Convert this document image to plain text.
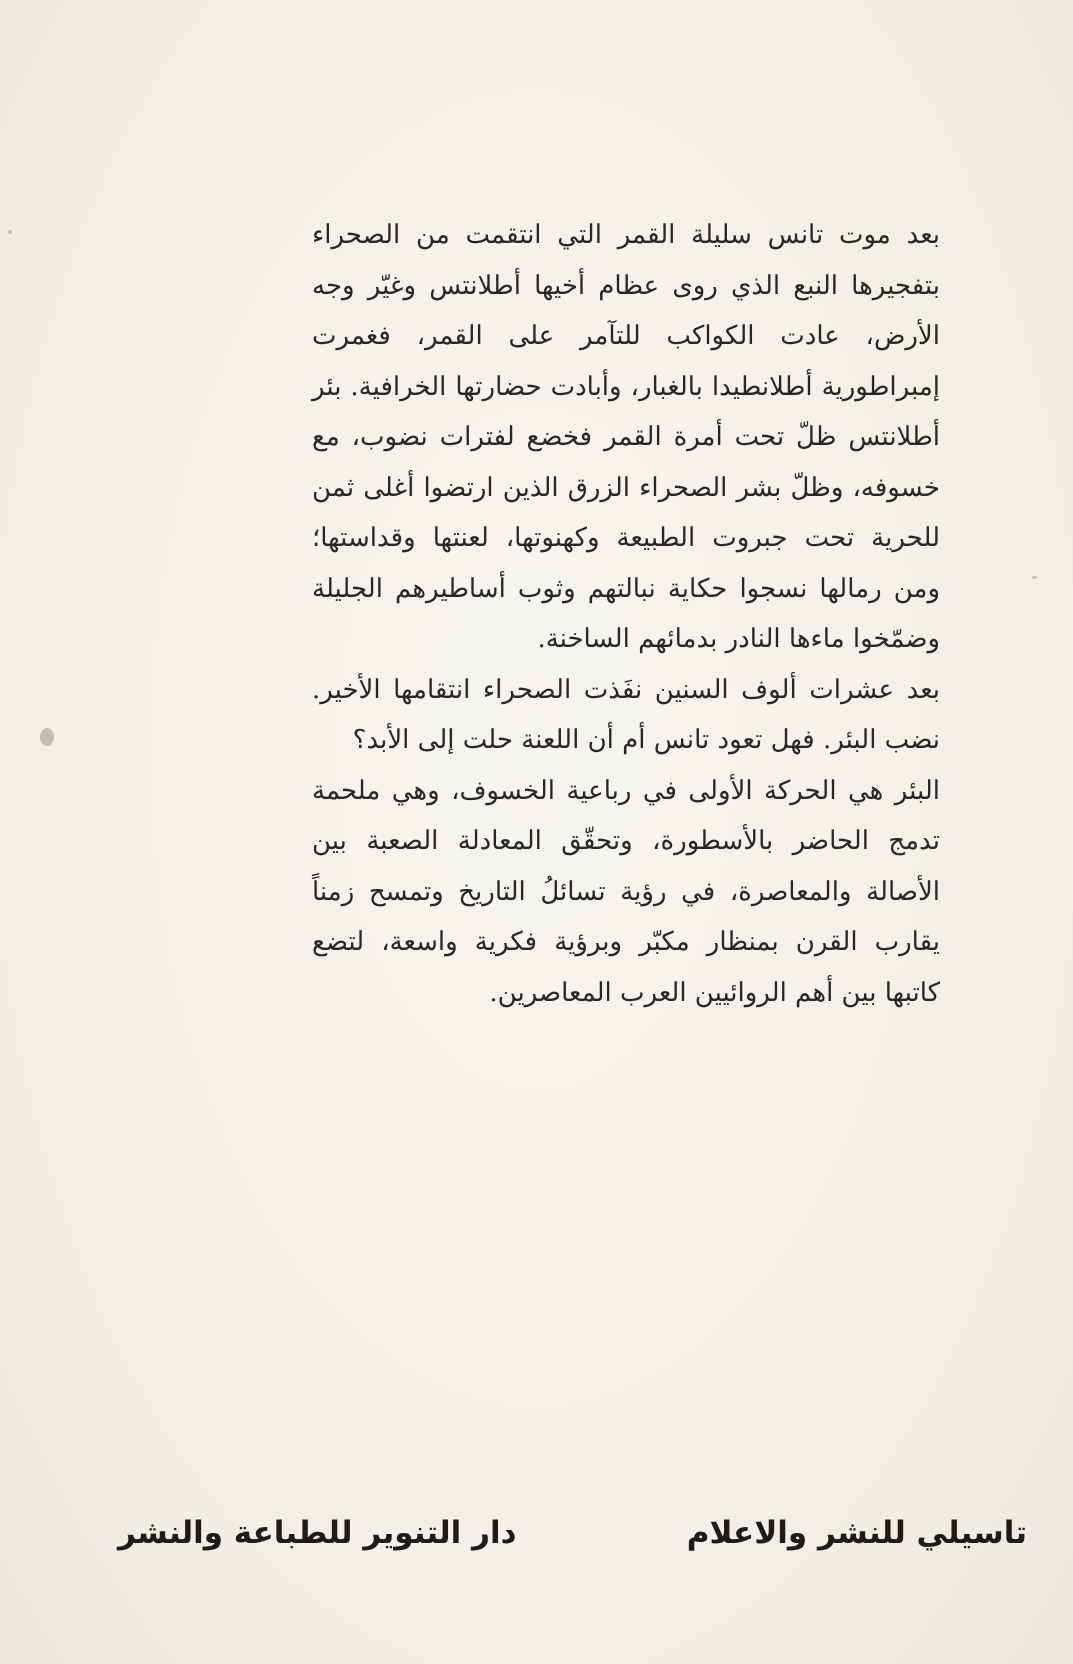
بعد موت تانس سليلة القمر التي انتقمت من الصحراء بتفجيرها النبع الذي روى عظام أخيها أطلانتس وغيّر وجه الأرض، عادت الكواكب للتآمر على القمر، فغمرت إمبراطورية أطلانطيدا بالغبار، وأبادت حضارتها الخرافية. بئر أطلانتس ظلّ تحت أمرة القمر فخضع لفترات نضوب، مع خسوفه، وظلّ بشر الصحراء الزرق الذين ارتضوا أغلى ثمن للحرية تحت جبروت الطبيعة وكهنوتها، لعنتها وقداستها؛ ومن رمالها نسجوا حكاية نبالتهم وثوب أساطيرهم الجليلة وضمّخوا ماءها النادر بدمائهم الساخنة.

بعد عشرات ألوف السنين نفَذت الصحراء انتقامها الأخير. نضب البئر. فهل تعود تانس أم أن اللعنة حلت إلى الأبد؟

البئر هي الحركة الأولى في رباعية الخسوف، وهي ملحمة تدمج الحاضر بالأسطورة، وتحقّق المعادلة الصعبة بين الأصالة والمعاصرة، في رؤية تسائلُ التاريخ وتمسح زمناً يقارب القرن بمنظار مكبّر وبرؤية فكرية واسعة، لتضع كاتبها بين أهم الروائيين العرب المعاصرين.

تاسيلي للنشر والاعلام
دار التنوير للطباعة والنشر
